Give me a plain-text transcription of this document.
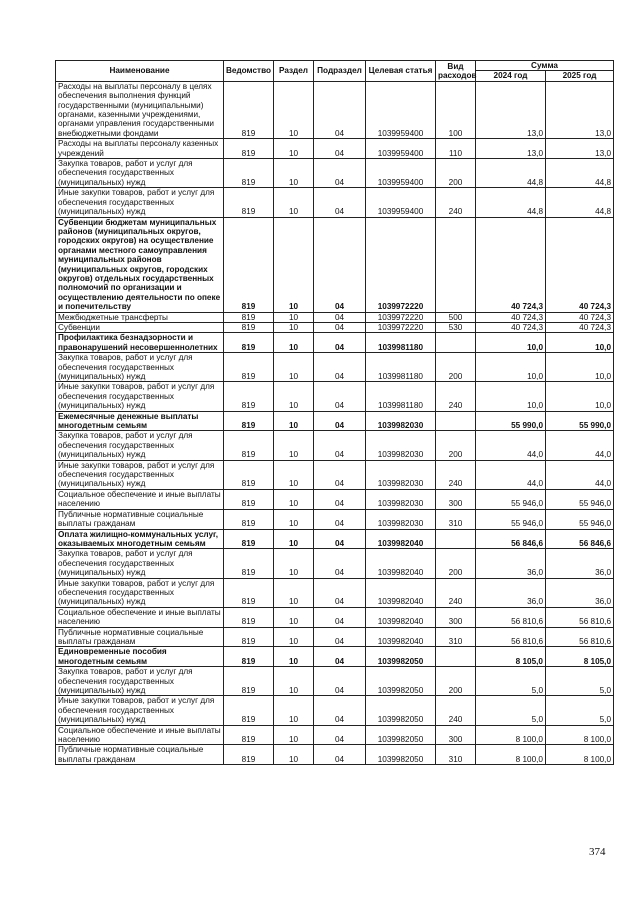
Наименование	Ведомство	Раздел	Подраздел	Целевая статья	Вид расходов	Сумма	
						2024 год	2025 год
Расходы на выплаты персоналу в целях обеспечения выполнения функций государственными (муниципальными) органами, казенными учреждениями, органами управления государственными внебюджетными фондами	819	10	04	1039959400	100	13,0	13,0
Расходы на выплаты персоналу казенных учреждений	819	10	04	1039959400	110	13,0	13,0
Закупка товаров, работ и услуг для обеспечения государственных (муниципальных) нужд	819	10	04	1039959400	200	44,8	44,8
Иные закупки товаров, работ и услуг для обеспечения государственных (муниципальных) нужд	819	10	04	1039959400	240	44,8	44,8
Субвенции бюджетам муниципальных районов (муниципальных округов, городских округов) на осуществление органами местного самоуправления муниципальных районов (муниципальных округов, городских округов) отдельных государственных полномочий по организации и осуществлению деятельности по опеке и попечительству	819	10	04	1039972220		40 724,3	40 724,3
Межбюджетные трансферты	819	10	04	1039972220	500	40 724,3	40 724,3
Субвенции	819	10	04	1039972220	530	40 724,3	40 724,3
Профилактика безнадзорности и правонарушений несовершеннолетних	819	10	04	1039981180		10,0	10,0
Закупка товаров, работ и услуг для обеспечения государственных (муниципальных) нужд	819	10	04	1039981180	200	10,0	10,0
Иные закупки товаров, работ и услуг для обеспечения государственных (муниципальных) нужд	819	10	04	1039981180	240	10,0	10,0
Ежемесячные денежные выплаты многодетным семьям	819	10	04	1039982030		55 990,0	55 990,0
Закупка товаров, работ и услуг для обеспечения государственных (муниципальных) нужд	819	10	04	1039982030	200	44,0	44,0
Иные закупки товаров, работ и услуг для обеспечения государственных (муниципальных) нужд	819	10	04	1039982030	240	44,0	44,0
Социальное обеспечение и иные выплаты населению	819	10	04	1039982030	300	55 946,0	55 946,0
Публичные нормативные социальные выплаты гражданам	819	10	04	1039982030	310	55 946,0	55 946,0
Оплата жилищно-коммунальных услуг, оказываемых многодетным семьям	819	10	04	1039982040		56 846,6	56 846,6
Закупка товаров, работ и услуг для обеспечения государственных (муниципальных) нужд	819	10	04	1039982040	200	36,0	36,0
Иные закупки товаров, работ и услуг для обеспечения государственных (муниципальных) нужд	819	10	04	1039982040	240	36,0	36,0
Социальное обеспечение и иные выплаты населению	819	10	04	1039982040	300	56 810,6	56 810,6
Публичные нормативные социальные выплаты гражданам	819	10	04	1039982040	310	56 810,6	56 810,6
Единовременные пособия многодетным семьям	819	10	04	1039982050		8 105,0	8 105,0
Закупка товаров, работ и услуг для обеспечения государственных (муниципальных) нужд	819	10	04	1039982050	200	5,0	5,0
Иные закупки товаров, работ и услуг для обеспечения государственных (муниципальных) нужд	819	10	04	1039982050	240	5,0	5,0
Социальное обеспечение и иные выплаты населению	819	10	04	1039982050	300	8 100,0	8 100,0
Публичные нормативные социальные выплаты гражданам	819	10	04	1039982050	310	8 100,0	8 100,0
374
